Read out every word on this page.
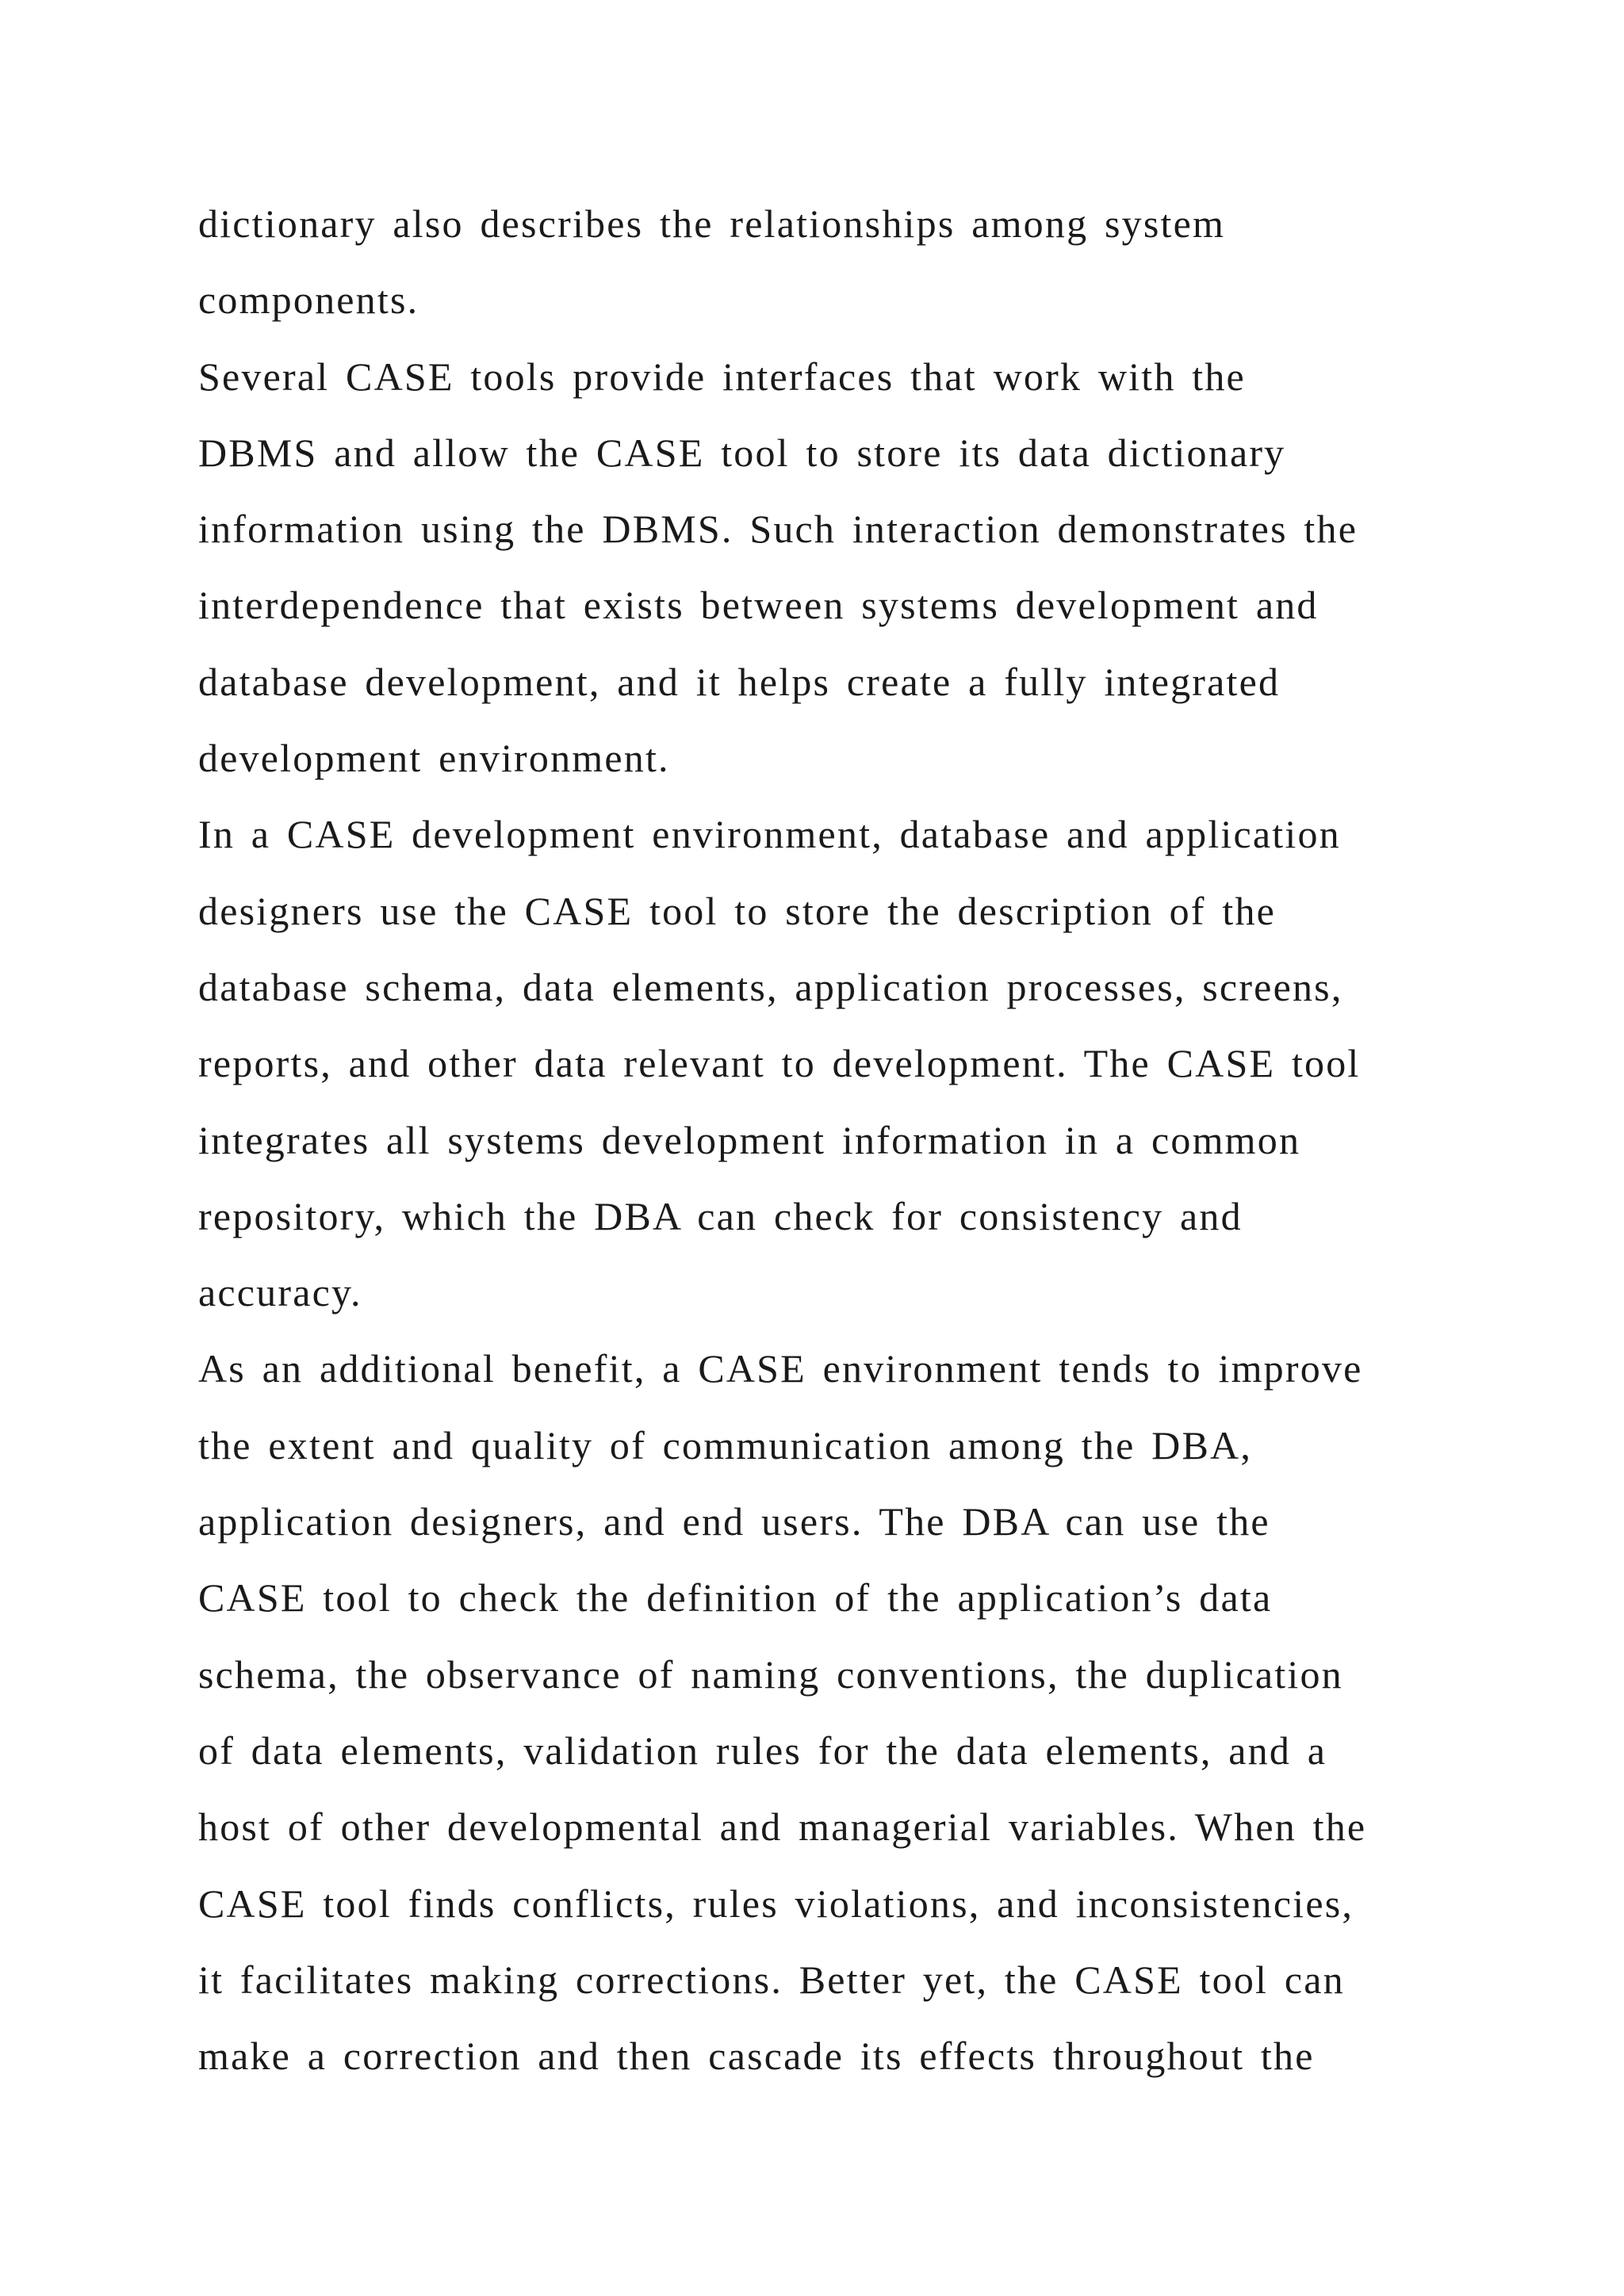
dictionary also describes the relationships among system
components.
Several CASE tools provide interfaces that work with the
DBMS and allow the CASE tool to store its data dictionary
information using the DBMS. Such interaction demonstrates the
interdependence that exists between systems development and
database development, and it helps create a fully integrated
development environment.
In a CASE development environment, database and application
designers use the CASE tool to store the description of the
database schema, data elements, application processes, screens,
reports, and other data relevant to development. The CASE tool
integrates all systems development information in a common
repository, which the DBA can check for consistency and
accuracy.
As an additional benefit, a CASE environment tends to improve
the extent and quality of communication among the DBA,
application designers, and end users. The DBA can use the
CASE tool to check the definition of the application’s data
schema, the observance of naming conventions, the duplication
of data elements, validation rules for the data elements, and a
host of other developmental and managerial variables. When the
CASE tool finds conflicts, rules violations, and inconsistencies,
it facilitates making corrections. Better yet, the CASE tool can
make a correction and then cascade its effects throughout the
